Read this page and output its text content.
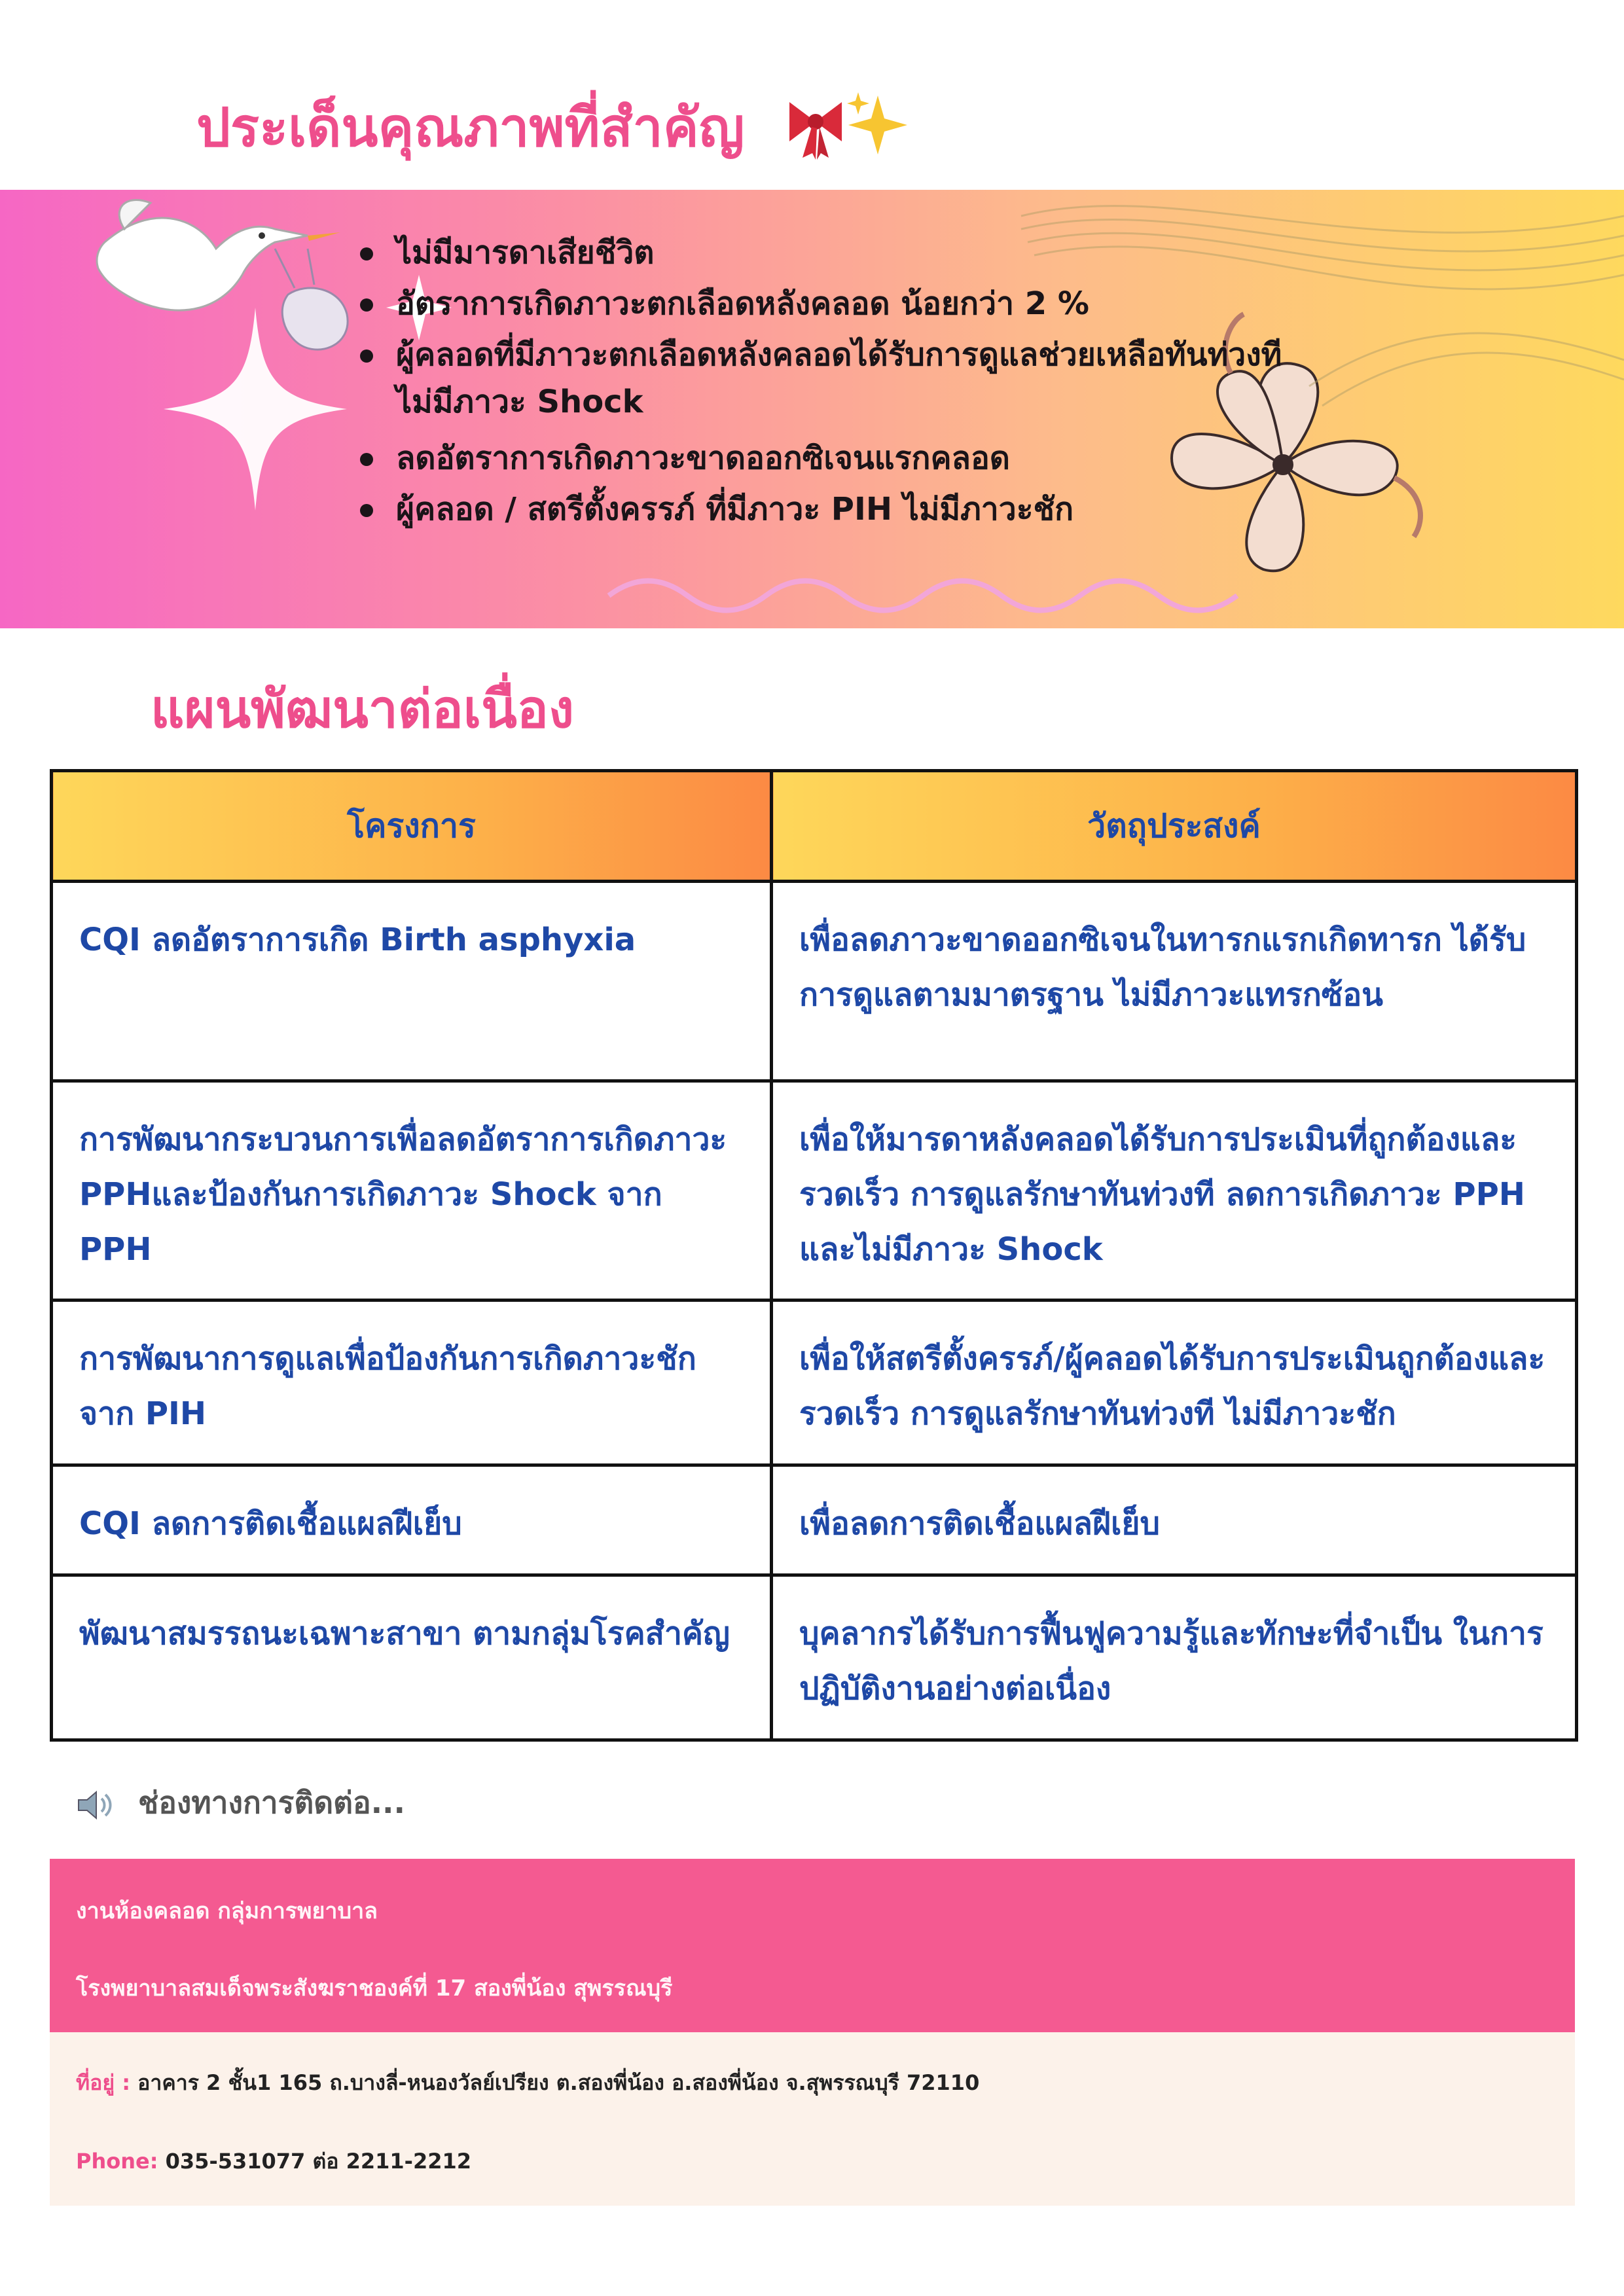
ประเด็นคุณภาพที่สำคัญ
ไม่มีมารดาเสียชีวิต
อัตราการเกิดภาวะตกเลือดหลังคลอด น้อยกว่า 2 %
ผู้คลอดที่มีภาวะตกเลือดหลังคลอดได้รับการดูแลช่วยเหลือทันท่วงที
ไม่มีภาวะ Shock
ลดอัตราการเกิดภาวะขาดออกซิเจนแรกคลอด
ผู้คลอด / สตรีตั้งครรภ์ ที่มีภาวะ PIH ไม่มีภาวะชัก
แผนพัฒนาต่อเนื่อง
โครงการ	วัตถุประสงค์
CQI ลดอัตราการเกิด Birth asphyxia	เพื่อลดภาวะขาดออกซิเจนในทารกแรกเกิดทารก ได้รับการดูแลตามมาตรฐาน ไม่มีภาวะแทรกซ้อน
การพัฒนากระบวนการเพื่อลดอัตราการเกิดภาวะ PPHและป้องกันการเกิดภาวะ Shock จาก PPH	เพื่อให้มารดาหลังคลอดได้รับการประเมินที่ถูกต้องและรวดเร็ว การดูแลรักษาทันท่วงที ลดการเกิดภาวะ PPH และไม่มีภาวะ Shock
การพัฒนาการดูแลเพื่อป้องกันการเกิดภาวะชัก จาก PIH	เพื่อให้สตรีตั้งครรภ์/ผู้คลอดได้รับการประเมินถูกต้องและรวดเร็ว การดูแลรักษาทันท่วงที ไม่มีภาวะชัก
CQI ลดการติดเชื้อแผลฝีเย็บ	เพื่อลดการติดเชื้อแผลฝีเย็บ
พัฒนาสมรรถนะเฉพาะสาขา ตามกลุ่มโรคสำคัญ	บุคลากรได้รับการฟื้นฟูความรู้และทักษะที่จำเป็น ในการปฏิบัติงานอย่างต่อเนื่อง
ช่องทางการติดต่อ...
งานห้องคลอด กลุ่มการพยาบาล
โรงพยาบาลสมเด็จพระสังฆราชองค์ที่ 17 สองพี่น้อง สุพรรณบุรี
ที่อยู่ : อาคาร 2 ชั้น1 165 ถ.บางลี่-หนองวัลย์เปรียง ต.สองพี่น้อง อ.สองพี่น้อง จ.สุพรรณบุรี 72110
Phone: 035-531077 ต่อ 2211-2212
